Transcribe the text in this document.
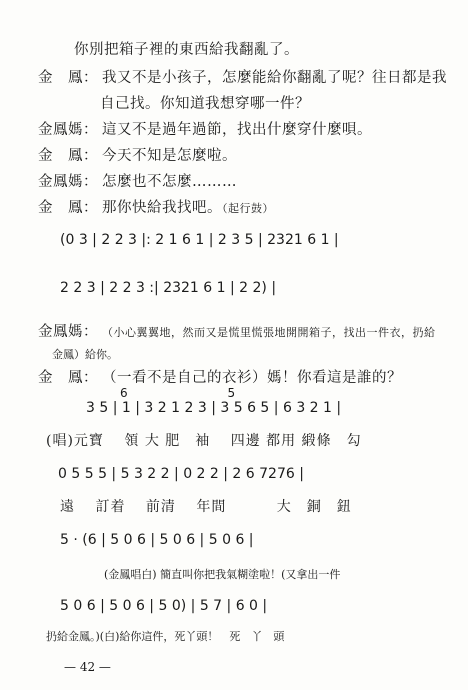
你別把箱子裡的東西給我翻亂了。
金　鳳： 我又不是小孩子，怎麼能給你翻亂了呢？往日都是我
自己找。你知道我想穿哪一件？
金鳳媽： 這又不是過年過節，找出什麼穿什麼唄。
金　鳳： 今天不知是怎麼啦。
金鳳媽： 怎麼也不怎麼………
金　鳳： 那你快給我找吧。（起行鼓）
(0 3 | 2 2 3 |: 2 1 6 1 | 2 3 5 | 2321 6 1 |
2 2 3 | 2 2 3 :| 2321 6 1 | 2 2) |
金鳳媽： （小心翼翼地，然而又是慌里慌張地開開箱子，找出一件衣，扔給
金鳳）給你。
金　鳳： （一看不是自己的衣衫）媽！你看這是誰的？
6　　　　　　　　 5
3 5 | 1 | 3 2 1 2 3 | 3 5 6 5 | 6 3 2 1 |
(唱)元寶　 領 大 肥　袖　 四邊 都用 緞條　勾
0 5 5 5 | 5 3 2 2 | 0 2 2 | 2 6 7276 |
遠　 訂着　 前清　 年間　　　 大　銅　鈕
5 · (6 | 5 0 6 | 5 0 6 | 5 0 6 |
(金鳳唱白) 簡直叫你把我氣糊塗啦！(又拿出一件
5 0 6 | 5 0 6 | 5 0) | 5 7 | 6 0 |
扔給金鳳。)(白)給你這件，死丫頭！　死　丫　頭
— 42 —
